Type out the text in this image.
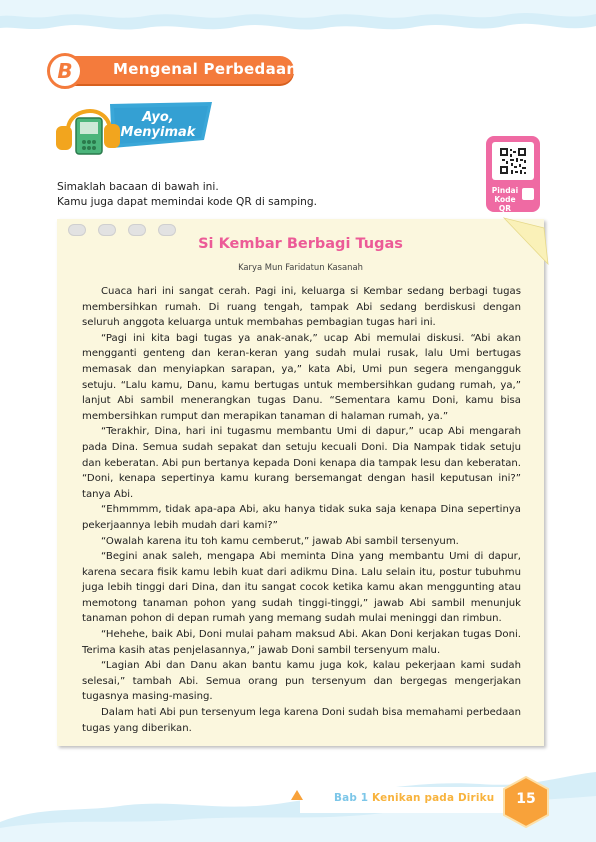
B	Mengenal Perbedaan
Ayo,
Menyimak
Pindai
Kode QR
Simaklah bacaan di bawah ini.
Kamu juga dapat memindai kode QR di samping.
Si Kembar Berbagi Tugas
Karya Mun Faridatun Kasanah

Cuaca hari ini sangat cerah. Pagi ini, keluarga si Kembar sedang berbagi tugas membersihkan rumah. Di ruang tengah, tampak Abi sedang berdiskusi dengan seluruh anggota keluarga untuk membahas pembagian tugas hari ini.

“Pagi ini kita bagi tugas ya anak-anak,” ucap Abi memulai diskusi. “Abi akan mengganti genteng dan keran-keran yang sudah mulai rusak, lalu Umi bertugas memasak dan menyiapkan sarapan, ya,” kata Abi, Umi pun segera mengangguk setuju. “Lalu kamu, Danu, kamu bertugas untuk membersihkan gudang rumah, ya,” lanjut Abi sambil menerangkan tugas Danu. “Sementara kamu Doni, kamu bisa membersihkan rumput dan merapikan tanaman di halaman rumah, ya.”

“Terakhir, Dina, hari ini tugasmu membantu Umi di dapur,” ucap Abi mengarah pada Dina. Semua sudah sepakat dan setuju kecuali Doni. Dia Nampak tidak setuju dan keberatan. Abi pun bertanya kepada Doni kenapa dia tampak lesu dan keberatan. “Doni, kenapa sepertinya kamu kurang bersemangat dengan hasil keputusan ini?” tanya Abi.

“Ehmmmm, tidak apa-apa Abi, aku hanya tidak suka saja kenapa Dina sepertinya pekerjaannya lebih mudah dari kami?”

“Owalah karena itu toh kamu cemberut,” jawab Abi sambil tersenyum.

“Begini anak saleh, mengapa Abi meminta Dina yang membantu Umi di dapur, karena secara fisik kamu lebih kuat dari adikmu Dina. Lalu selain itu, postur tubuhmu juga lebih tinggi dari Dina, dan itu sangat cocok ketika kamu akan menggunting atau memotong tanaman pohon yang sudah tinggi-tinggi,” jawab Abi sambil menunjuk tanaman pohon di depan rumah yang memang sudah mulai meninggi dan rimbun.

“Hehehe, baik Abi, Doni mulai paham maksud Abi. Akan Doni kerjakan tugas Doni. Terima kasih atas penjelasannya,” jawab Doni sambil tersenyum malu.

“Lagian Abi dan Danu akan bantu kamu juga kok, kalau pekerjaan kami sudah selesai,” tambah Abi. Semua orang pun tersenyum dan bergegas mengerjakan tugasnya masing-masing.

Dalam hati Abi pun tersenyum lega karena Doni sudah bisa memahami perbedaan tugas yang diberikan.

Bab 1 Kenikan pada Diriku	15
